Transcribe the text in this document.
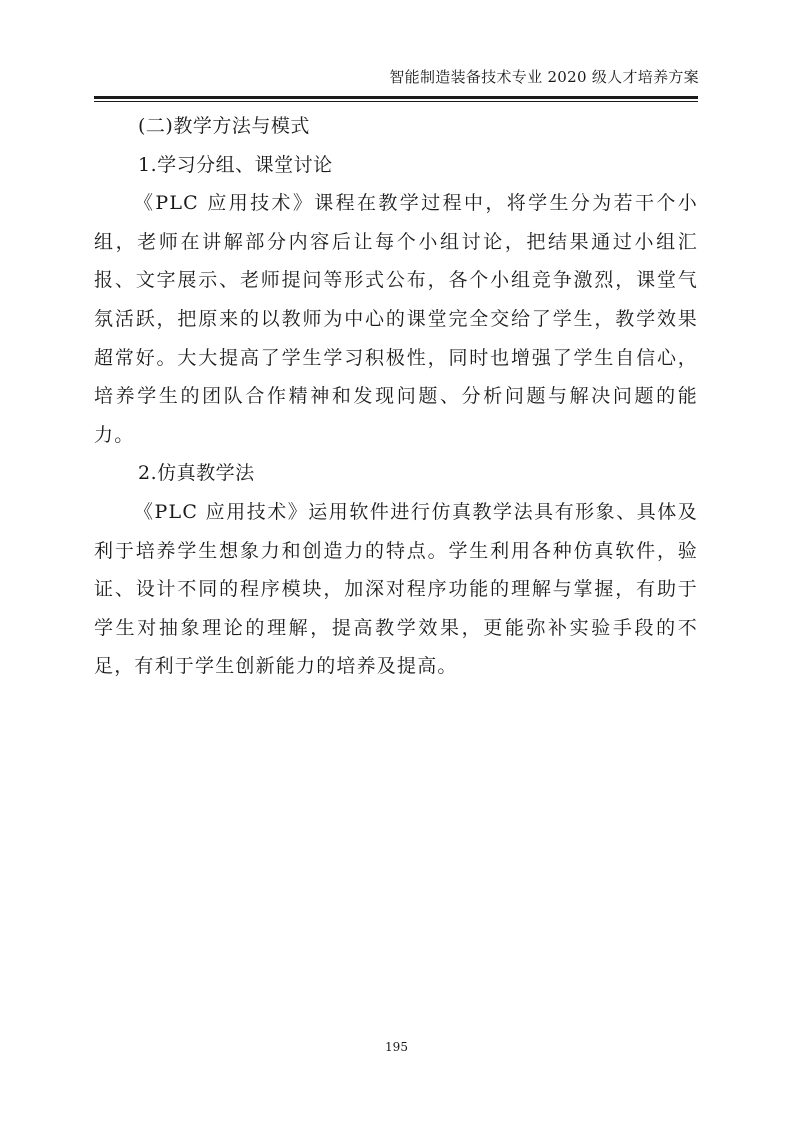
智能制造装备技术专业 2020 级人才培养方案

(二)教学方法与模式

1.学习分组、课堂讨论

《PLC 应用技术》课程在教学过程中，将学生分为若干个小组，老师在讲解部分内容后让每个小组讨论，把结果通过小组汇报、文字展示、老师提问等形式公布，各个小组竞争激烈，课堂气氛活跃，把原来的以教师为中心的课堂完全交给了学生，教学效果超常好。大大提高了学生学习积极性，同时也增强了学生自信心，培养学生的团队合作精神和发现问题、分析问题与解决问题的能力。

2.仿真教学法

《PLC 应用技术》运用软件进行仿真教学法具有形象、具体及利于培养学生想象力和创造力的特点。学生利用各种仿真软件，验证、设计不同的程序模块，加深对程序功能的理解与掌握，有助于学生对抽象理论的理解，提高教学效果，更能弥补实验手段的不足，有利于学生创新能力的培养及提高。

195
